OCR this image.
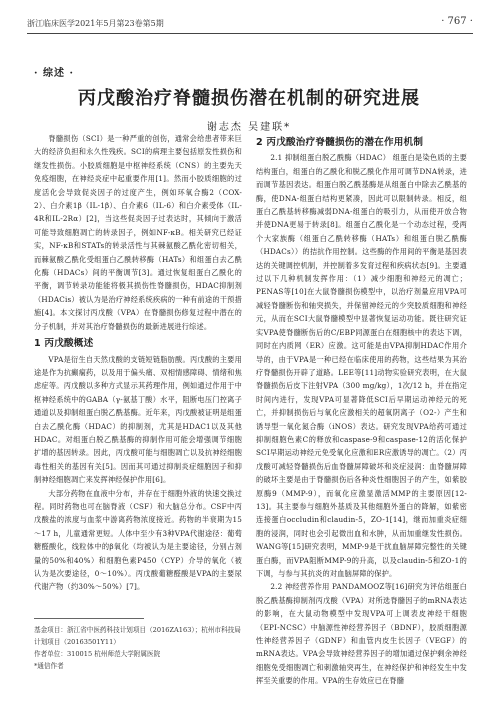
浙江临床医学2021年5月第23卷第5期	· 767 ·
· 综述 ·
丙戊酸治疗脊髓损伤潜在机制的研究进展
谢志杰 吴建联*

脊髓损伤（SCI）是一种严重的创伤，通常会给患者带来巨大的经济负担和永久性残疾。SCI的病理主要包括原发性损伤和继发性损伤。小胶质细胞是中枢神经系统（CNS）的主要先天免疫细胞，在神经炎症中起重要作用[1]。然而小胶质细胞的过度活化会导致促炎因子的过度产生，例如环氧合酶2（COX-2）、白介素1β（IL-1β）、白介素6（IL-6）和白介素受体（IL-4R和IL-2Rα）[2]，当这些促炎因子过表达时，其倾向于激活可能导致细胞凋亡的转录因子，例如NF-κB。相关研究已经证实，NF-κB和STATs的转录活性与其棘氨酸乙酰化密切相关，而棘氨酸乙酰化受组蛋白乙酰转移酶（HATs）和组蛋白去乙酰化酶（HDACs）间的平衡调节[3]。通过恢复组蛋白乙酰化的平衡，调节转录功能能将极其损伤性脊髓损伤，HDAC抑制剂（HDACis）被认为是治疗神经系统疾病的一种有前途的干预措施[4]。本文探讨丙戊酸（VPA）在脊髓损伤修复过程中潜在的分子机制，并对其治疗脊髓损伤的最新进展进行综述。

1 丙戊酸概述

VPA是衍生自天然戊酸的支链短链脂肪酸。丙戊酸的主要用途是作为抗癫痫药，以及用于偏头痛、双相情感障碍、情绪和焦虑症等。丙戊酸以多种方式显示其药理作用，例如通过作用于中枢神经系统中的GABA（γ-氨基丁酸）水平，阻断电压门控离子通道以及抑制组蛋白脱乙酰基酶。近年来，丙戊酸被证明是组蛋白去乙酰化酶（HDAC）的抑制剂，尤其是HDAC1以及其他HDAC。对组蛋白脱乙酰基酶的抑制作用可能会增强调节细胞扩增的基因转录。因此，丙戊酸可能与细胞凋亡以及抗神经细胞毒性相关的基因有关[5]。因而其可通过抑制炎症细胞因子和抑制神经细胞凋亡来发挥神经保护作用[6]。

大部分药物在血液中分布，并存在于细胞外液的快速交换过程。同时药物也可在脑脊液（CSF）和大脑总分布。CSF中丙戊酸盐的浓度与血浆中游离药物浓度接近。药物的半衰期为15～17 h，儿童通常更短。人体中至少有3种VPA代谢途径：葡萄糖醛酸化，线粒体中的β氧化（均被认为是主要途径，分别占剂量的50%和40%）和细胞色素P450（CYP）介导的氧化（被认为是次要途径，0～10%）。丙戊酸葡糖醛酸是VPA的主要尿代谢产物（约30%～50%）[7]。

基金项目：浙江省中医药科技计划项目（2016ZA163）；杭州市科技局计划项目（20163501Y11）
作者单位：310015 杭州师范大学附属医院
*通信作者
2 丙戊酸治疗脊髓损伤的潜在作用机制

2.1 抑制组蛋白脱乙酰酶（HDAC） 组蛋白是染色质的主要结构蛋白，组蛋白的乙酰化和脱乙酰化作用可调节DNA转录，进而调节基因表达。组蛋白脱乙酰基酶是从组蛋白中除去乙酰基的酶，使DNA-组蛋白结构更紧凑，因此可以限制转录。相反，组蛋白乙酰基转移酶减弱DNA-组蛋白的吸引力，从而使开放合物并使DNA更易于转录[8]。组蛋白乙酰化是一个动态过程，受两个大家族酶（组蛋白乙酰转移酶（HATs）和组蛋白脱乙酰酶（HDACs））的拮抗作用控制。这些酶的作用间的平衡是基因表达的关键调控机制，并控制着多发育过程和疾病状态[9]。主要通过以下几种机制发挥作用：（1）减少细胞和神经元的凋亡；PENAS等[10]在大鼠脊髓损伤模型中，以治疗剂量应用VPA可减轻脊髓断伤和轴突损失，并保留神经元的少突胶质细胞和神经元，从而在SCI大鼠脊髓模型中显著恢复运动功能。既往研究证实VPA使脊髓断伤后的C/EBP同源蛋白在细胞核中的表达下调，同时在内质网（ER）应激。这可能是由VPA抑制HDAC作用介导的，由于VPA是一种已经在临床使用的药物，这些结果为其治疗脊髓损伤开辟了道路。LEE等[11]动物实验研究表明，在大鼠脊髓损伤后皮下注射VPA（300 mg/kg），1次/12 h，并在指定时间内进行，发现VPA可显著降低SCI后早期运动神经元的死亡，并抑制损伤后与氧化应激相关的超氧阴离子（O2-）产生和诱导型一氧化氮合酶（iNOS）表达。研究发现VPA给药可通过抑制细胞色素C的释放和caspase-9和caspase-12的活化保护SCI早期运动神经元免受氧化应激和ER应激诱导的凋亡。（2）丙戊酸可减轻脊髓损伤后血脊髓屏障破坏和炎症浸润：血脊髓屏障的破坏主要是由于脊髓损伤后各种炎性细胞因子的产生，如紫胶原酶9（MMP-9），而氧化应激显激活MMP的主要原因[12-13]。其主要参与细胞外基质及其他细胞外蛋白的降解，如紫密连接蛋白occludin和claudin-5，ZO-1[14]，继而加重炎症细胞的浸润，同时也会引起微出血和水肿，从而加重继发性损伤。WANG等[15]研究表明，MMP-9是干扰血脑屏障完整性的关键蛋白酶，而VPA阻断MMP-9的升高，以及claudin-5和ZO-1的下调，与参与其抗炎的对血脑屏障的保护。

2.2 神经营养作用 PANDAMOOZ等[16]研究为评估组蛋白脱乙酰基酶抑制剂丙戊酸（VPA）对所选脊髓因子的mRNA表达的影响，在大鼠动物模型中发现VPA可上调表皮神经干细胞（EPI-NCSC）中脑源性神经营养因子（BDNF），胶质细胞源性神经营养因子（GDNF）和血管内皮生长因子（VEGF）的mRNA表达。VPA会导致神经营养因子的增加通过保护剩余神经细胞免受细胞凋亡和刺激轴突再生，在神经保护和神经发生中发挥至关重要的作用。VPA的生存效应已在脊髓
